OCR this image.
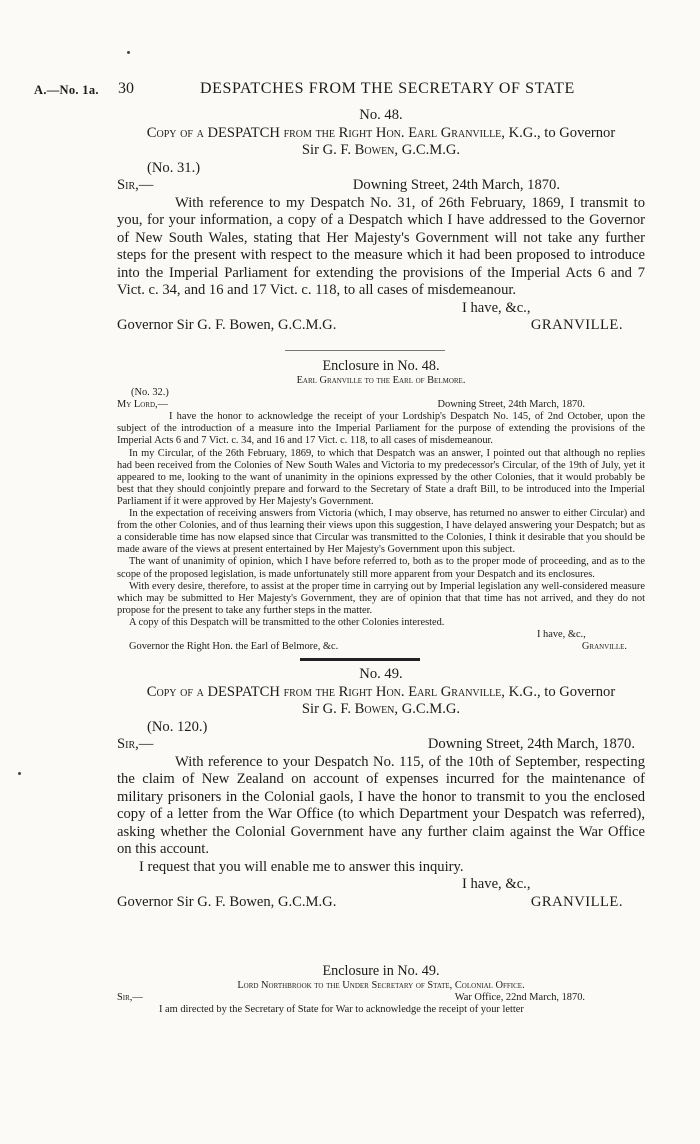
A.—No. 1a. 30	DESPATCHES FROM THE SECRETARY OF STATE
No. 48.
Copy of a DESPATCH from the Right Hon. Earl Granville, K.G., to Governor
Sir G. F. Bowen, G.C.M.G.
(No. 31.)
Sir,—	Downing Street, 24th March, 1870.
With reference to my Despatch No. 31, of 26th February, 1869, I transmit to you, for your information, a copy of a Despatch which I have addressed to the Governor of New South Wales, stating that Her Majesty's Government will not take any further steps for the present with respect to the measure which it had been proposed to introduce into the Imperial Parliament for extending the provisions of the Imperial Acts 6 and 7 Vict. c. 34, and 16 and 17 Vict. c. 118, to all cases of misdemeanour.
I have, &c.,
Governor Sir G. F. Bowen, G.C.M.G.	GRANVILLE.
Enclosure in No. 48.
Earl Granville to the Earl of Belmore.
(No. 32.)
My Lord,—	Downing Street, 24th March, 1870.

I have the honor to acknowledge the receipt of your Lordship's Despatch No. 145, of 2nd October, upon the subject of the introduction of a measure into the Imperial Parliament for the purpose of extending the provisions of the Imperial Acts 6 and 7 Vict. c. 34, and 16 and 17 Vict. c. 118, to all cases of misdemeanour.

In my Circular, of the 26th February, 1869, to which that Despatch was an answer, I pointed out that although no replies had been received from the Colonies of New South Wales and Victoria to my predecessor's Circular, of the 19th of July, yet it appeared to me, looking to the want of unanimity in the opinions expressed by the other Colonies, that it would probably be best that they should conjointly prepare and forward to the Secretary of State a draft Bill, to be introduced into the Imperial Parliament if it were approved by Her Majesty's Government.

In the expectation of receiving answers from Victoria (which, I may observe, has returned no answer to either Circular) and from the other Colonies, and of thus learning their views upon this suggestion, I have delayed answering your Despatch; but as a considerable time has now elapsed since that Circular was transmitted to the Colonies, I think it desirable that you should be made aware of the views at present entertained by Her Majesty's Government upon this subject.

The want of unanimity of opinion, which I have before referred to, both as to the proper mode of proceeding, and as to the scope of the proposed legislation, is made unfortunately still more apparent from your Despatch and its enclosures.

With every desire, therefore, to assist at the proper time in carrying out by Imperial legislation any well-considered measure which may be submitted to Her Majesty's Government, they are of opinion that that time has not arrived, and they do not propose for the present to take any further steps in the matter.

A copy of this Despatch will be transmitted to the other Colonies interested.

I have, &c.,
Governor the Right Hon. the Earl of Belmore, &c.	Granville.
No. 49.
Copy of a DESPATCH from the Right Hon. Earl Granville, K.G., to Governor
Sir G. F. Bowen, G.C.M.G.
(No. 120.)
Sir,—	Downing Street, 24th March, 1870.
With reference to your Despatch No. 115, of the 10th of September, respecting the claim of New Zealand on account of expenses incurred for the maintenance of military prisoners in the Colonial gaols, I have the honor to transmit to you the enclosed copy of a letter from the War Office (to which Department your Despatch was referred), asking whether the Colonial Government have any further claim against the War Office on this account.
I request that you will enable me to answer this inquiry.
I have, &c.,
Governor Sir G. F. Bowen, G.C.M.G.	GRANVILLE.
Enclosure in No. 49.
Lord Northbrook to the Under Secretary of State, Colonial Office.
Sir,—	War Office, 22nd March, 1870.

I am directed by the Secretary of State for War to acknowledge the receipt of your letter
